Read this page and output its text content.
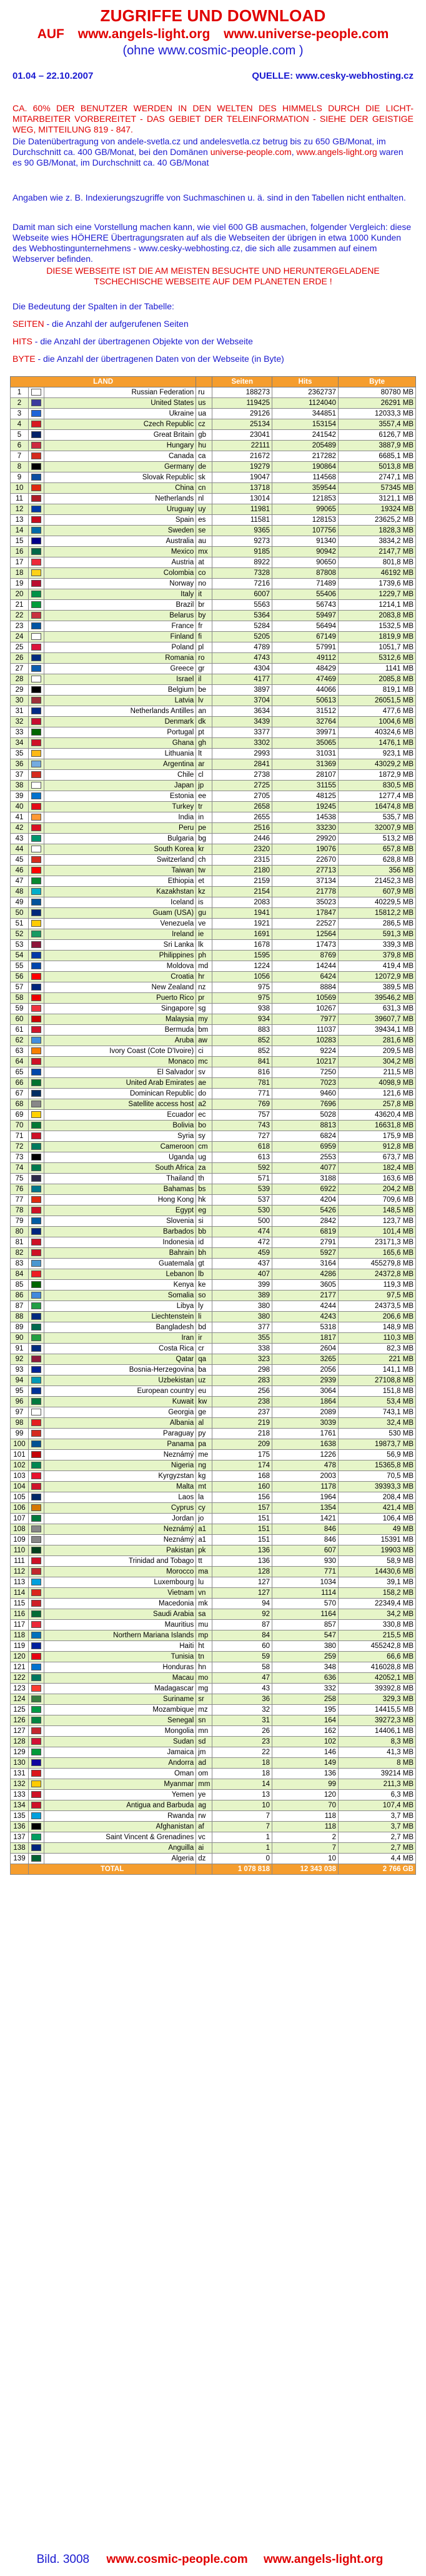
ZUGRIFFE UND DOWNLOAD
AUF www.angels-light.org www.universe-people.com
(ohne www.cosmic-people.com )
01.04 – 22.10.2007	QUELLE: www.cesky-webhosting.cz
CA. 60% DER BENUTZER WERDEN IN DEN WELTEN DES HIMMELS DURCH DIE LICHT-MITARBEITER VORBEREITET - DAS GEBIET DER TELEINFORMATION - SIEHE DER GEISTIGE WEG, MITTEILUNG 819 - 847.
Die Datenübertragung von andele-svetla.cz und andelesvetla.cz betrug bis zu 650 GB/Monat, im Durchschnitt ca. 400 GB/Monat, bei den Domänen universe-people.com, www.angels-light.org waren es 90 GB/Monat, im Durchschnitt ca. 40 GB/Monat
Angaben wie z. B. Indexierungszugriffe von Suchmaschinen u. ä. sind in den Tabellen nicht enthalten.
Damit man sich eine Vorstellung machen kann, wie viel 600 GB ausmachen, folgender Vergleich: diese Webseite wies HÖHERE Übertragungsraten auf als die Webseiten der übrigen in etwa 1000 Kunden des Webhostingunternehmens - www.cesky-webhosting.cz, die sich alle zusammen auf einem Webserver befinden.
DIESE WEBSEITE IST DIE AM MEISTEN BESUCHTE UND HERUNTERGELADENE TSCHECHISCHE WEBSEITE AUF DEM PLANETEN ERDE !
Die Bedeutung der Spalten in der Tabelle:
SEITEN - die Anzahl der aufgerufenen Seiten
HITS - die Anzahl der übertragenen Objekte von der Webseite
BYTE - die Anzahl der übertragenen Daten von der Webseite (in Byte)
LAND				Seiten	Hits	Byte
1		Russian Federation	ru	188273	2362737	80780 MB
2		United States	us	119425	1124040	26291 MB
3		Ukraine	ua	29126	344851	12033,3 MB
4		Czech Republic	cz	25134	153154	3557,4 MB
5		Great Britain	gb	23041	241542	6126,7 MB
6		Hungary	hu	22111	205489	3887,9 MB
7		Canada	ca	21672	217282	6685,1 MB
8		Germany	de	19279	190864	5013,8 MB
9		Slovak Republic	sk	19047	114568	2747,1 MB
10		China	cn	13718	359544	57345 MB
11		Netherlands	nl	13014	121853	3121,1 MB
12		Uruguay	uy	11981	99065	19324 MB
13		Spain	es	11581	128153	23625,2 MB
14		Sweden	se	9365	107756	1828,3 MB
15		Australia	au	9273	91340	3834,2 MB
16		Mexico	mx	9185	90942	2147,7 MB
17		Austria	at	8922	90650	801,8 MB
18		Colombia	co	7328	87808	46192 MB
19		Norway	no	7216	71489	1739,6 MB
20		Italy	it	6007	55406	1229,7 MB
21		Brazil	br	5563	56743	1214,1 MB
22		Belarus	by	5364	59497	2083,8 MB
23		France	fr	5284	56494	1532,5 MB
24		Finland	fi	5205	67149	1819,9 MB
25		Poland	pl	4789	57991	1051,7 MB
26		Romania	ro	4743	49112	5312,6 MB
27		Greece	gr	4304	48429	1141 MB
28		Israel	il	4177	47469	2085,8 MB
29		Belgium	be	3897	44066	819,1 MB
30		Latvia	lv	3704	50613	26051,5 MB
31		Netherlands Antilles	an	3634	31512	477,6 MB
32		Denmark	dk	3439	32764	1004,6 MB
33		Portugal	pt	3377	39971	40324,6 MB
34		Ghana	gh	3302	35065	1476,1 MB
35		Lithuania	lt	2993	31031	923,1 MB
36		Argentina	ar	2841	31369	43029,2 MB
37		Chile	cl	2738	28107	1872,9 MB
38		Japan	jp	2725	31155	830,5 MB
39		Estonia	ee	2705	48125	1277,4 MB
40		Turkey	tr	2658	19245	16474,8 MB
41		India	in	2655	14538	535,7 MB
42		Peru	pe	2516	33230	32007,9 MB
43		Bulgaria	bg	2446	29920	513,2 MB
44		South Korea	kr	2320	19076	657,8 MB
45		Switzerland	ch	2315	22670	628,8 MB
46		Taiwan	tw	2180	27713	356 MB
47		Ethiopia	et	2159	37134	21452,3 MB
48		Kazakhstan	kz	2154	21778	607,9 MB
49		Iceland	is	2083	35023	40229,5 MB
50		Guam (USA)	gu	1941	17847	15812,2 MB
51		Venezuela	ve	1921	22527	286,5 MB
52		Ireland	ie	1691	12564	591,3 MB
53		Sri Lanka	lk	1678	17473	339,3 MB
54		Philippines	ph	1595	8769	379,8 MB
55		Moldova	md	1224	14244	419,4 MB
56		Croatia	hr	1056	6424	12072,9 MB
57		New Zealand	nz	975	8884	389,5 MB
58		Puerto Rico	pr	975	10569	39546,2 MB
59		Singapore	sg	938	10267	631,3 MB
60		Malaysia	my	934	7977	39607,7 MB
61		Bermuda	bm	883	11037	39434,1 MB
62		Aruba	aw	852	10283	281,6 MB
63		Ivory Coast (Cote D'Ivoire)	ci	852	9224	209,5 MB
64		Monaco	mc	841	10217	304,2 MB
65		El Salvador	sv	816	7250	211,5 MB
66		United Arab Emirates	ae	781	7023	4098,9 MB
67		Dominican Republic	do	771	9460	121,6 MB
68		Satellite access host	a2	769	7696	257,8 MB
69		Ecuador	ec	757	5028	43620,4 MB
70		Bolivia	bo	743	8813	16631,8 MB
71		Syria	sy	727	6824	175,9 MB
72		Cameroon	cm	618	6959	912,8 MB
73		Uganda	ug	613	2553	673,7 MB
74		South Africa	za	592	4077	182,4 MB
75		Thailand	th	571	3188	163,6 MB
76		Bahamas	bs	539	6922	204,2 MB
77		Hong Kong	hk	537	4204	709,6 MB
78		Egypt	eg	530	5426	148,5 MB
79		Slovenia	si	500	2842	123,7 MB
80		Barbados	bb	474	6819	101,4 MB
81		Indonesia	id	472	2791	23171,3 MB
82		Bahrain	bh	459	5927	165,6 MB
83		Guatemala	gt	437	3164	455279,8 MB
84		Lebanon	lb	407	4286	24372,8 MB
85		Kenya	ke	399	3605	119,3 MB
86		Somalia	so	389	2177	97,5 MB
87		Libya	ly	380	4244	24373,5 MB
88		Liechtenstein	li	380	4243	206,6 MB
89		Bangladesh	bd	377	5318	148,9 MB
90		Iran	ir	355	1817	110,3 MB
91		Costa Rica	cr	338	2604	82,3 MB
92		Qatar	qa	323	3265	221 MB
93		Bosnia-Herzegovina	ba	298	2056	141,1 MB
94		Uzbekistan	uz	283	2939	27108,8 MB
95		European country	eu	256	3064	151,8 MB
96		Kuwait	kw	238	1864	53,4 MB
97		Georgia	ge	237	2089	743,1 MB
98		Albania	al	219	3039	32,4 MB
99		Paraguay	py	218	1761	530 MB
100		Panama	pa	209	1638	19873,7 MB
101		Neznámý	me	175	1226	56,9 MB
102		Nigeria	ng	174	478	15365,8 MB
103		Kyrgyzstan	kg	168	2003	70,5 MB
104		Malta	mt	160	1178	39393,3 MB
105		Laos	la	156	1964	208,4 MB
106		Cyprus	cy	157	1354	421,4 MB
107		Jordan	jo	151	1421	106,4 MB
108		Neznámý	a1	151	846	49 MB
109		Neznámý	a1	151	846	15391 MB
110		Pakistan	pk	136	607	19903 MB
111		Trinidad and Tobago	tt	136	930	58,9 MB
112		Morocco	ma	128	771	14430,6 MB
113		Luxembourg	lu	127	1034	39,1 MB
114		Vietnam	vn	127	1114	158,2 MB
115		Macedonia	mk	94	570	22349,4 MB
116		Saudi Arabia	sa	92	1164	34,2 MB
117		Mauritius	mu	87	857	330,8 MB
118		Northern Mariana Islands	mp	84	547	215,5 MB
119		Haiti	ht	60	380	455242,8 MB
120		Tunisia	tn	59	259	66,6 MB
121		Honduras	hn	58	348	416028,8 MB
122		Macau	mo	47	636	42052,1 MB
123		Madagascar	mg	43	332	39392,8 MB
124		Suriname	sr	36	258	329,3 MB
125		Mozambique	mz	32	195	14415,5 MB
126		Senegal	sn	31	164	39272,3 MB
127		Mongolia	mn	26	162	14406,1 MB
128		Sudan	sd	23	102	8,3 MB
129		Jamaica	jm	22	146	41,3 MB
130		Andorra	ad	18	149	8 MB
131		Oman	om	18	136	39214 MB
132		Myanmar	mm	14	99	211,3 MB
133		Yemen	ye	13	120	6,3 MB
134		Antigua and Barbuda	ag	10	70	107,4 MB
135		Rwanda	rw	7	118	3,7 MB
136		Afghanistan	af	7	118	3,7 MB
137		Saint Vincent & Grenadines	vc	1	2	2,7 MB
138		Anguilla	ai	1	7	2,7 MB
139		Algeria	dz	0	10	4,4 MB
	TOTAL			1 078 818	12 343 038	2 766 GB
Bild. 3008 www.cosmic-people.com www.angels-light.org
